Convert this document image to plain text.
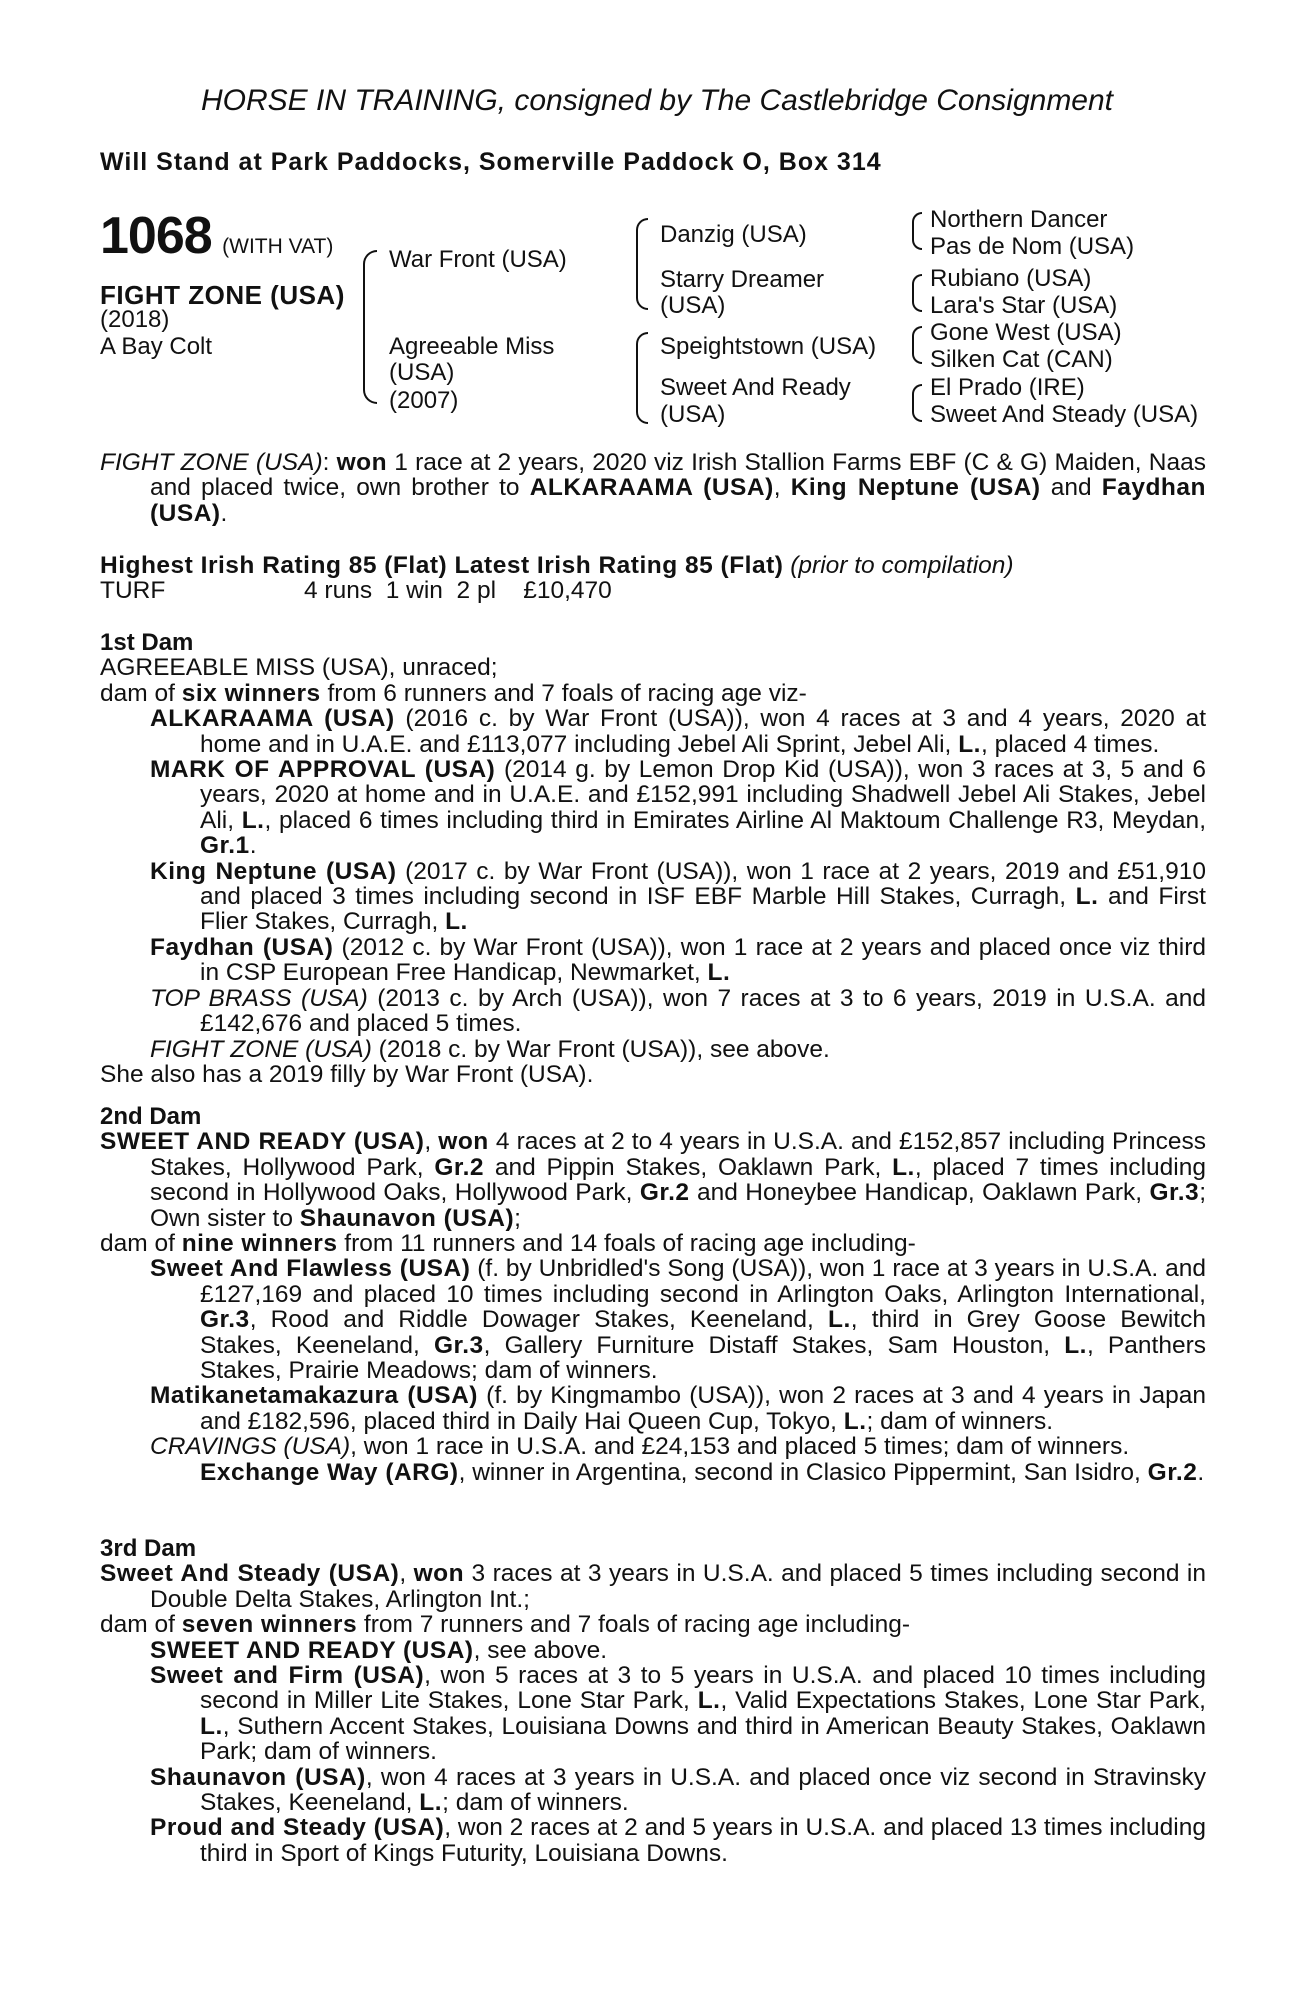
HORSE IN TRAINING, consigned by The Castlebridge Consignment
Will Stand at Park Paddocks, Somerville Paddock O, Box 314
1068 (WITH VAT)
FIGHT ZONE (USA)
(2018)
A Bay Colt
War Front (USA)
Agreeable Miss
(USA)
(2007)
Danzig (USA)
Starry Dreamer
(USA)
Speightstown (USA)
Sweet And Ready
(USA)
Northern Dancer
Pas de Nom (USA)
Rubiano (USA)
Lara's Star (USA)
Gone West (USA)
Silken Cat (CAN)
El Prado (IRE)
Sweet And Steady (USA)

FIGHT ZONE (USA): won 1 race at 2 years, 2020 viz Irish Stallion Farms EBF (C & G) Maiden, Naas and placed twice, own brother to ALKARAAMA (USA), King Neptune (USA) and Faydhan (USA).

Highest Irish Rating 85 (Flat) Latest Irish Rating 85 (Flat) (prior to compilation)

TURF	4 runs  1 win  2 pl    £10,470

1st Dam

AGREEABLE MISS (USA), unraced;

dam of six winners from 6 runners and 7 foals of racing age viz-

ALKARAAMA (USA) (2016 c. by War Front (USA)), won 4 races at 3 and 4 years, 2020 at home and in U.A.E. and £113,077 including Jebel Ali Sprint, Jebel Ali, L., placed 4 times.

MARK OF APPROVAL (USA) (2014 g. by Lemon Drop Kid (USA)), won 3 races at 3, 5 and 6 years, 2020 at home and in U.A.E. and £152,991 including Shadwell Jebel Ali Stakes, Jebel Ali, L., placed 6 times including third in Emirates Airline Al Maktoum Challenge R3, Meydan, Gr.1.

King Neptune (USA) (2017 c. by War Front (USA)), won 1 race at 2 years, 2019 and £51,910 and placed 3 times including second in ISF EBF Marble Hill Stakes, Curragh, L. and First Flier Stakes, Curragh, L.

Faydhan (USA) (2012 c. by War Front (USA)), won 1 race at 2 years and placed once viz third in CSP European Free Handicap, Newmarket, L.

TOP BRASS (USA) (2013 c. by Arch (USA)), won 7 races at 3 to 6 years, 2019 in U.S.A. and £142,676 and placed 5 times.

FIGHT ZONE (USA) (2018 c. by War Front (USA)), see above.

She also has a 2019 filly by War Front (USA).

2nd Dam

SWEET AND READY (USA), won 4 races at 2 to 4 years in U.S.A. and £152,857 including Princess Stakes, Hollywood Park, Gr.2 and Pippin Stakes, Oaklawn Park, L., placed 7 times including second in Hollywood Oaks, Hollywood Park, Gr.2 and Honeybee Handicap, Oaklawn Park, Gr.3; Own sister to Shaunavon (USA);

dam of nine winners from 11 runners and 14 foals of racing age including-

Sweet And Flawless (USA) (f. by Unbridled's Song (USA)), won 1 race at 3 years in U.S.A. and £127,169 and placed 10 times including second in Arlington Oaks, Arlington International, Gr.3, Rood and Riddle Dowager Stakes, Keeneland, L., third in Grey Goose Bewitch Stakes, Keeneland, Gr.3, Gallery Furniture Distaff Stakes, Sam Houston, L., Panthers Stakes, Prairie Meadows; dam of winners.

Matikanetamakazura (USA) (f. by Kingmambo (USA)), won 2 races at 3 and 4 years in Japan and £182,596, placed third in Daily Hai Queen Cup, Tokyo, L.; dam of winners.

CRAVINGS (USA), won 1 race in U.S.A. and £24,153 and placed 5 times; dam of winners.

Exchange Way (ARG), winner in Argentina, second in Clasico Pippermint, San Isidro, Gr.2.

3rd Dam

Sweet And Steady (USA), won 3 races at 3 years in U.S.A. and placed 5 times including second in Double Delta Stakes, Arlington Int.;

dam of seven winners from 7 runners and 7 foals of racing age including-

SWEET AND READY (USA), see above.

Sweet and Firm (USA), won 5 races at 3 to 5 years in U.S.A. and placed 10 times including second in Miller Lite Stakes, Lone Star Park, L., Valid Expectations Stakes, Lone Star Park, L., Suthern Accent Stakes, Louisiana Downs and third in American Beauty Stakes, Oaklawn Park; dam of winners.

Shaunavon (USA), won 4 races at 3 years in U.S.A. and placed once viz second in Stravinsky Stakes, Keeneland, L.; dam of winners.

Proud and Steady (USA), won 2 races at 2 and 5 years in U.S.A. and placed 13 times including third in Sport of Kings Futurity, Louisiana Downs.
